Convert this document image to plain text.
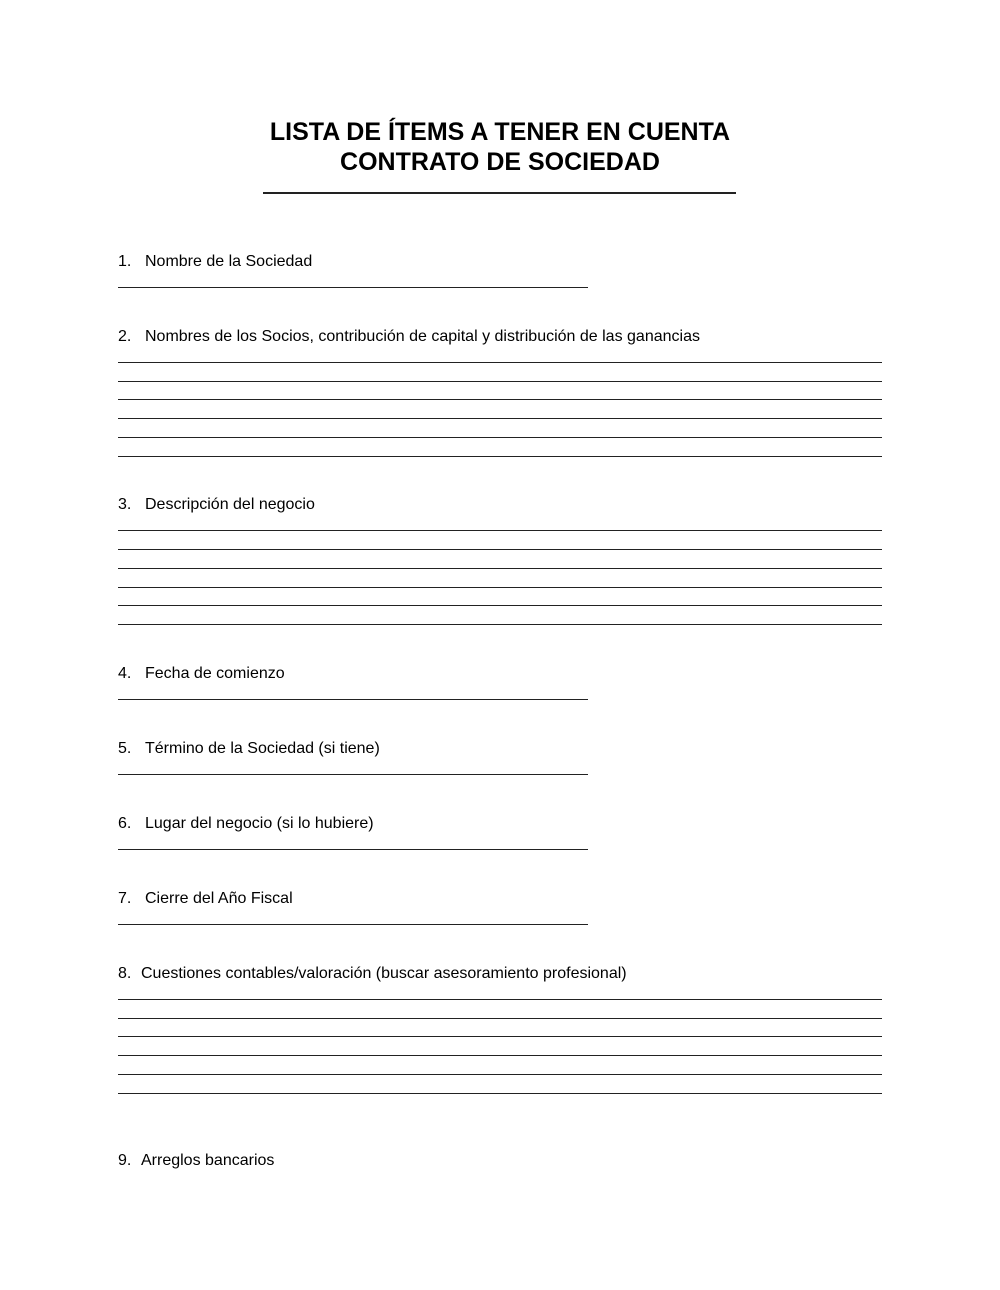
LISTA DE ÍTEMS A TENER EN CUENTA
CONTRATO DE SOCIEDAD
1. Nombre de la Sociedad
2. Nombres de los Socios, contribución de capital y distribución de las ganancias
3. Descripción del negocio
4. Fecha de comienzo
5. Término de la Sociedad (si tiene)
6. Lugar del negocio (si lo hubiere)
7. Cierre del Año Fiscal
8. Cuestiones contables/valoración (buscar asesoramiento profesional)
9. Arreglos bancarios
